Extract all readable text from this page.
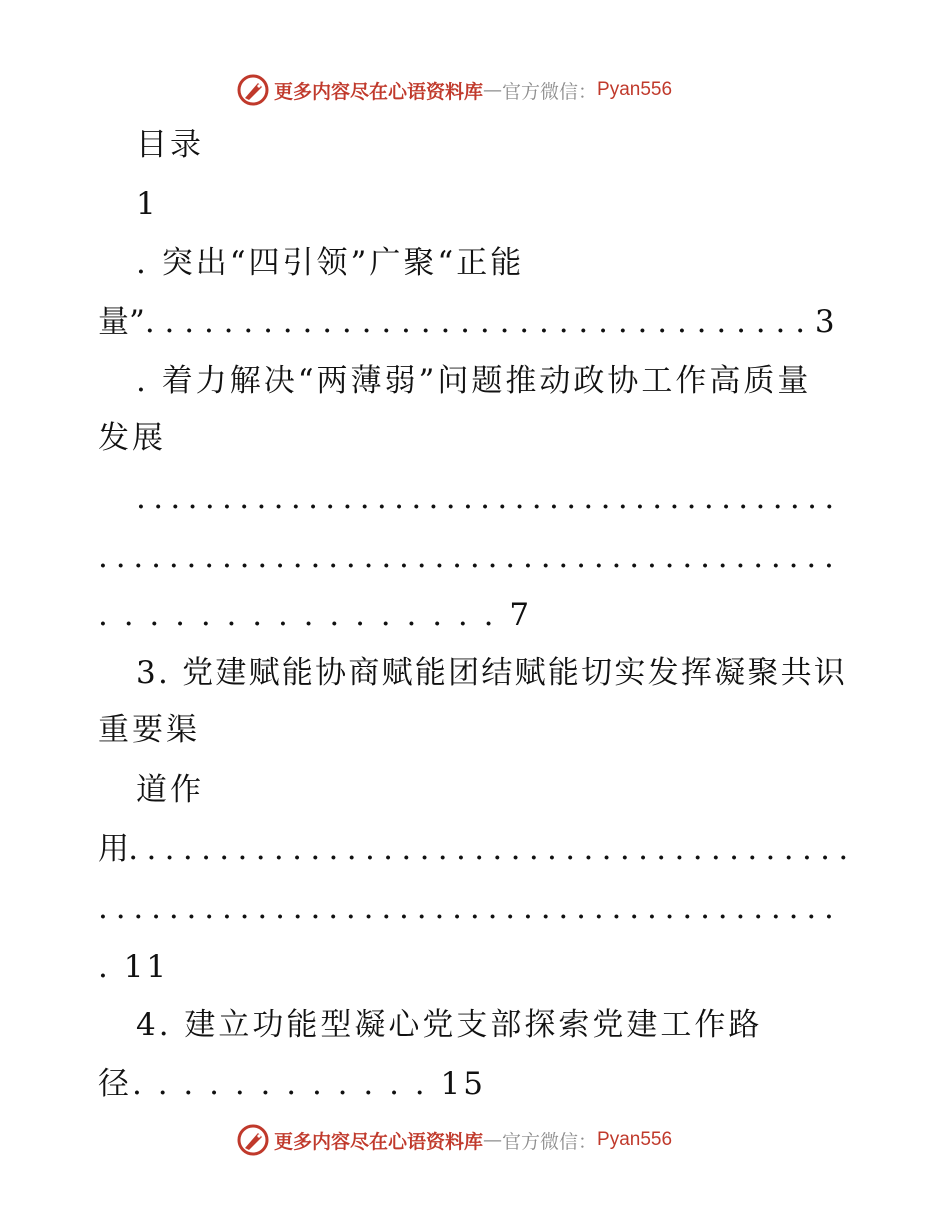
更多内容尽在心语资料库 — 官方微信： Pyan556

目录

1

. 突出“四引领”广聚“正能

量”. . . . . . . . . . . . . . . . . . . . . . . . . . . . . . . . . . 3

. 着力解决“两薄弱”问题推动政协工作高质量

发展

. . . . . . . . . . . . . . . . . . . . . . . . . . . . . . . . . . . . . . . . .

. . . . . . . . . . . . . . . . . . . . . . . . . . . . . . . . . . . . . . . . . .

. . . . . . . . . . . . . . . . 7

3. 党建赋能协商赋能团结赋能切实发挥凝聚共识

重要渠

道作

用. . . . . . . . . . . . . . . . . . . . . . . . . . . . . . . . . . . . . . . .

. . . . . . . . . . . . . . . . . . . . . . . . . . . . . . . . . . . . . . . . . .

. 11

4. 建立功能型凝心党支部探索党建工作路

径. . . . . . . . . . . . 15

更多内容尽在心语资料库 — 官方微信： Pyan556
